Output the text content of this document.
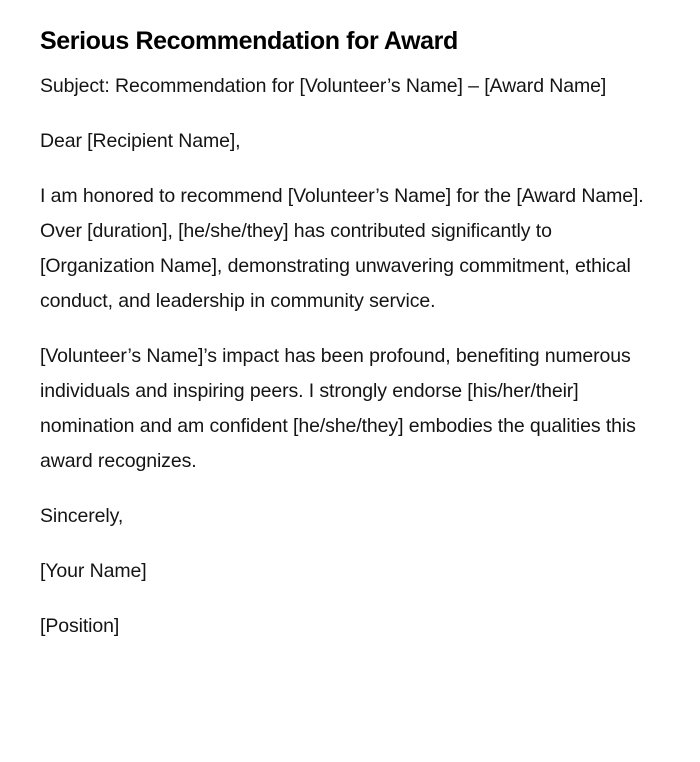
Serious Recommendation for Award

Subject: Recommendation for [Volunteer’s Name] – [Award Name]

Dear [Recipient Name],

I am honored to recommend [Volunteer’s Name] for the [Award Name]. Over [duration], [he/she/they] has contributed significantly to [Organization Name], demonstrating unwavering commitment, ethical conduct, and leadership in community service.

[Volunteer’s Name]’s impact has been profound, benefiting numerous individuals and inspiring peers. I strongly endorse [his/her/their] nomination and am confident [he/she/they] embodies the qualities this award recognizes.

Sincerely,

[Your Name]

[Position]
